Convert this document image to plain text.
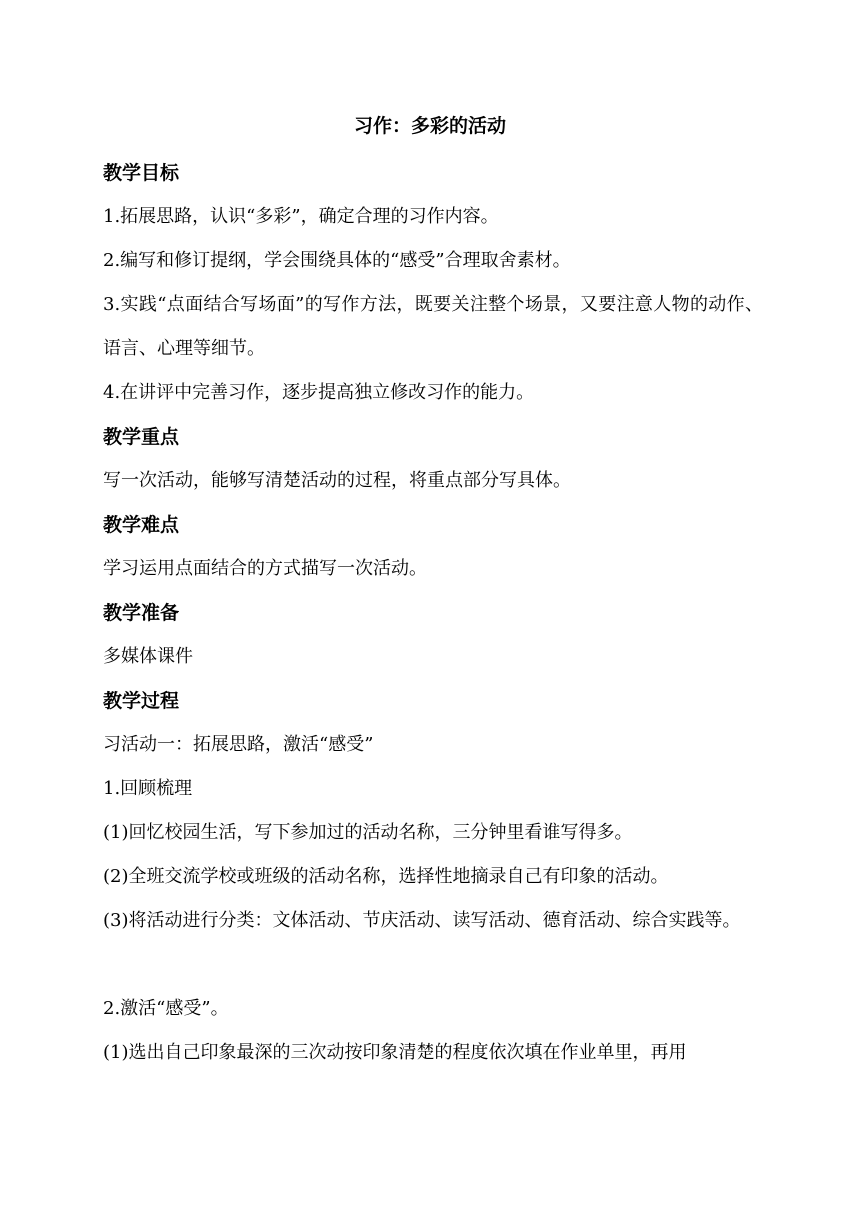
习作：多彩的活动
教学目标
1.拓展思路，认识“多彩”，确定合理的习作内容。
2.编写和修订提纲，学会围绕具体的“感受”合理取舍素材。
3.实践“点面结合写场面”的写作方法，既要关注整个场景，又要注意人物的动作、语言、心理等细节。
4.在讲评中完善习作，逐步提高独立修改习作的能力。
教学重点
写一次活动，能够写清楚活动的过程，将重点部分写具体。
教学难点
学习运用点面结合的方式描写一次活动。
教学准备
多媒体课件
教学过程
习活动一：拓展思路，激活“感受”
1.回顾梳理
(1)回忆校园生活，写下参加过的活动名称，三分钟里看谁写得多。
(2)全班交流学校或班级的活动名称，选择性地摘录自己有印象的活动。
(3)将活动进行分类：文体活动、节庆活动、读写活动、德育活动、综合实践等。
2.激活“感受”。
(1)选出自己印象最深的三次动按印象清楚的程度依次填在作业单里，再用
